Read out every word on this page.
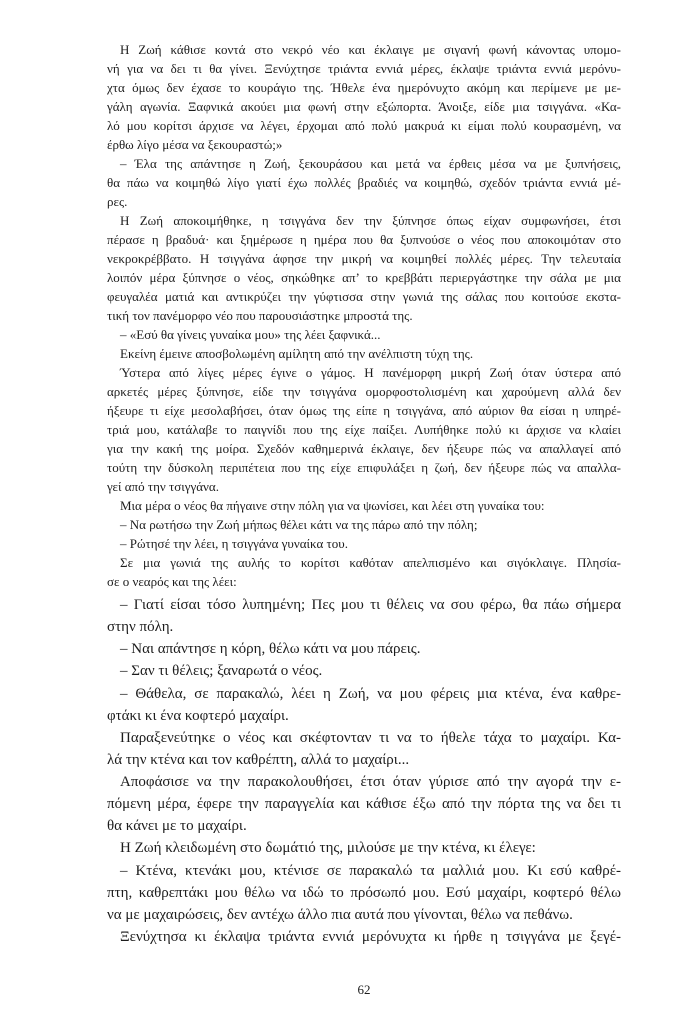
Η Ζωή κάθισε κοντά στο νεκρό νέο και έκλαιγε με σιγανή φωνή κάνοντας υπομο-
νή για να δει τι θα γίνει. Ξενύχτησε τριάντα εννιά μέρες, έκλαψε τριάντα εννιά μερόνυ-
χτα όμως δεν έχασε το κουράγιο της. Ήθελε ένα ημερόνυχτο ακόμη και περίμενε με με-
γάλη αγωνία. Ξαφνικά ακούει μια φωνή στην εξώπορτα. Άνοιξε, είδε μια τσιγγάνα. «Κα-
λό μου κορίτσι άρχισε να λέγει, έρχομαι από πολύ μακρυά κι είμαι πολύ κουρασμένη, να
έρθω λίγο μέσα να ξεκουραστώ;»
– Έλα της απάντησε η Ζωή, ξεκουράσου και μετά να έρθεις μέσα να με ξυπνήσεις,
θα πάω να κοιμηθώ λίγο γιατί έχω πολλές βραδιές να κοιμηθώ, σχεδόν τριάντα εννιά μέ-
ρες.
Η Ζωή αποκοιμήθηκε, η τσιγγάνα δεν την ξύπνησε όπως είχαν συμφωνήσει, έτσι
πέρασε η βραδυά· και ξημέρωσε η ημέρα που θα ξυπνούσε ο νέος που αποκοιμόταν στο
νεκροκρέββατο. Η τσιγγάνα άφησε την μικρή να κοιμηθεί πολλές μέρες. Την τελευταία
λοιπόν μέρα ξύπνησε ο νέος, σηκώθηκε απ’ το κρεββάτι περιεργάστηκε την σάλα με μια
φευγαλέα ματιά και αντικρύζει την γύφτισσα στην γωνιά της σάλας που κοιτούσε εκστα-
τική τον πανέμορφο νέο που παρουσιάστηκε μπροστά της.
– «Εσύ θα γίνεις γυναίκα μου» της λέει ξαφνικά...
Εκείνη έμεινε αποσβολωμένη αμίλητη από την ανέλπιστη τύχη της.
Ύστερα από λίγες μέρες έγινε ο γάμος. Η πανέμορφη μικρή Ζωή όταν ύστερα από
αρκετές μέρες ξύπνησε, είδε την τσιγγάνα ομορφοστολισμένη και χαρούμενη αλλά δεν
ήξευρε τι είχε μεσολαβήσει, όταν όμως της είπε η τσιγγάνα, από αύριον θα είσαι η υπηρέ-
τριά μου, κατάλαβε το παιγνίδι που της είχε παίξει. Λυπήθηκε πολύ κι άρχισε να κλαίει
για την κακή της μοίρα. Σχεδόν καθημερινά έκλαιγε, δεν ήξευρε πώς να απαλλαγεί από
τούτη την δύσκολη περιπέτεια που της είχε επιφυλάξει η ζωή, δεν ήξευρε πώς να απαλλα-
γεί από την τσιγγάνα.
Μια μέρα ο νέος θα πήγαινε στην πόλη για να ψωνίσει, και λέει στη γυναίκα του:
– Να ρωτήσω την Ζωή μήπως θέλει κάτι να της πάρω από την πόλη;
– Ρώτησέ την λέει, η τσιγγάνα γυναίκα του.
Σε μια γωνιά της αυλής το κορίτσι καθόταν απελπισμένο και σιγόκλαιγε. Πλησία-
σε ο νεαρός και της λέει:
– Γιατί είσαι τόσο λυπημένη; Πες μου τι θέλεις να σου φέρω, θα πάω σήμερα
στην πόλη.
– Ναι απάντησε η κόρη, θέλω κάτι να μου πάρεις.
– Σαν τι θέλεις; ξαναρωτά ο νέος.
– Θάθελα, σε παρακαλώ, λέει η Ζωή, να μου φέρεις μια κτένα, ένα καθρε-
φτάκι κι ένα κοφτερό μαχαίρι.
Παραξενεύτηκε ο νέος και σκέφτονταν τι να το ήθελε τάχα το μαχαίρι. Κα-
λά την κτένα και τον καθρέπτη, αλλά το μαχαίρι...
Αποφάσισε να την παρακολουθήσει, έτσι όταν γύρισε από την αγορά την ε-
πόμενη μέρα, έφερε την παραγγελία και κάθισε έξω από την πόρτα της να δει τι
θα κάνει με το μαχαίρι.
Η Ζωή κλειδωμένη στο δωμάτιό της, μιλούσε με την κτένα, κι έλεγε:
– Κτένα, κτενάκι μου, κτένισε σε παρακαλώ τα μαλλιά μου. Κι εσύ καθρέ-
πτη, καθρεπτάκι μου θέλω να ιδώ το πρόσωπό μου. Εσύ μαχαίρι, κοφτερό θέλω
να με μαχαιρώσεις, δεν αντέχω άλλο πια αυτά που γίνονται, θέλω να πεθάνω.
Ξενύχτησα κι έκλαψα τριάντα εννιά μερόνυχτα κι ήρθε η τσιγγάνα με ξεγέ-
62
